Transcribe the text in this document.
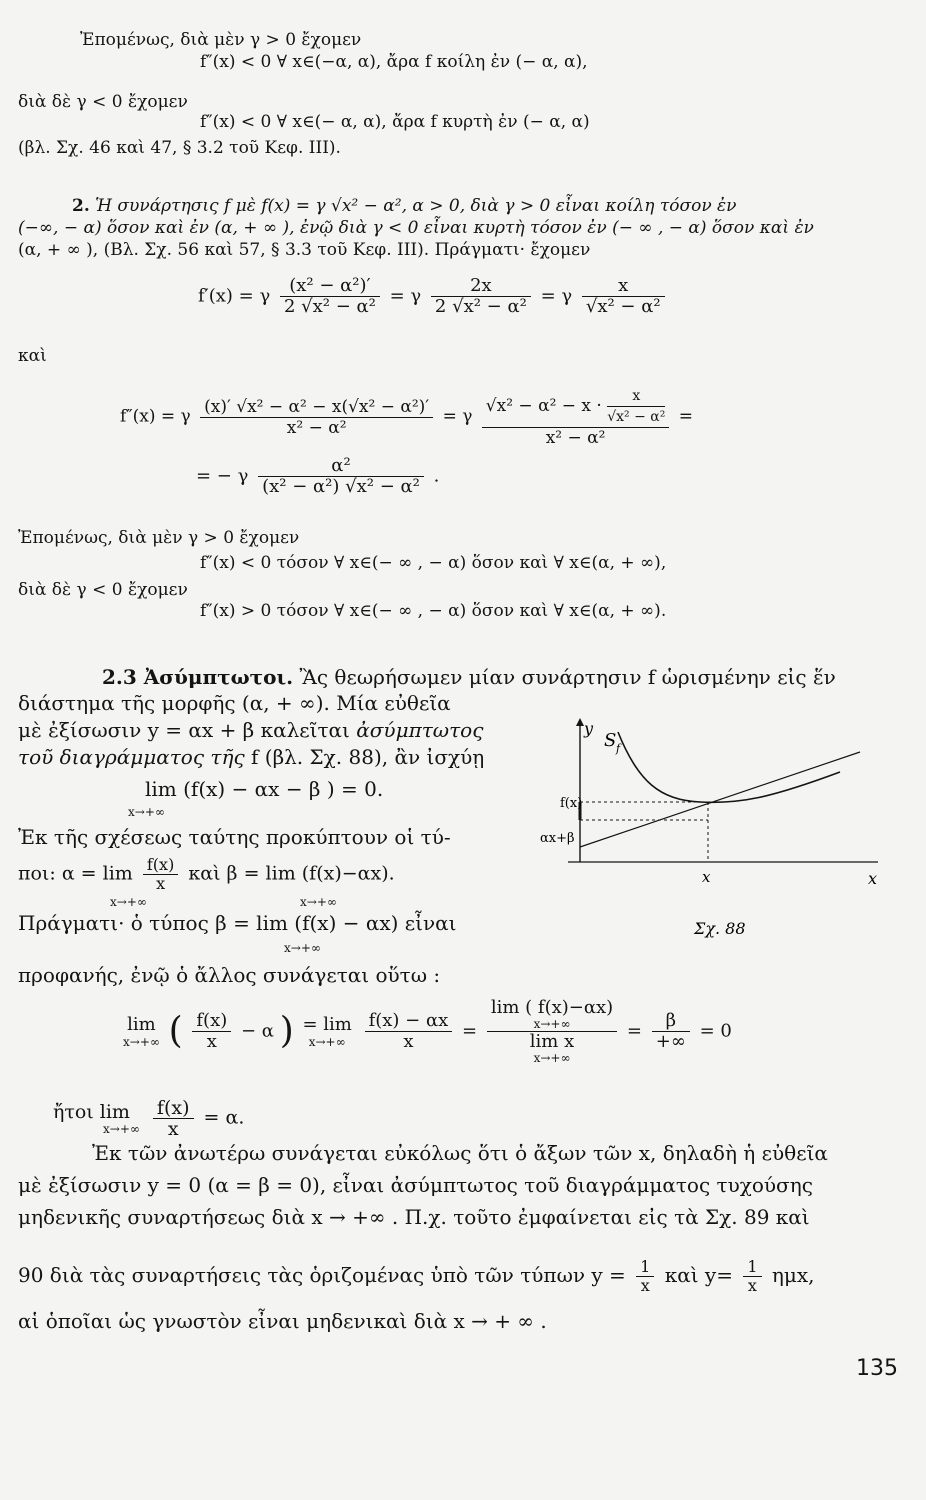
Ἐπομένως, διὰ μὲν γ > 0 ἔχομεν
f″(x) < 0 ∀ x∈(−α, α), ἄρα f κοίλη ἐν (− α, α),
διὰ δὲ γ < 0 ἔχομεν
f″(x) < 0 ∀ x∈(− α, α), ἄρα f κυρτὴ ἐν (− α, α)
(βλ. Σχ. 46 καὶ 47, § 3.2 τοῦ Κεφ. ΙΙΙ).
2. Ἡ συνάρτησις f μὲ f(x) = γ √x² − α², α > 0, διὰ γ > 0 εἶναι κοίλη τόσον ἐν
(−∞, − α) ὅσον καὶ ἐν (α, + ∞ ), ἐνῷ διὰ γ < 0 εἶναι κυρτὴ τόσον ἐν (− ∞ , − α) ὅσον καὶ ἐν
(α, + ∞ ), (Βλ. Σχ. 56 καὶ 57, § 3.3 τοῦ Κεφ. ΙΙΙ). Πράγματι· ἔχομεν
f′(x) = γ $\frac{\text{(x² − α²)′}}{\text{2 √x² − α²}} = \gamma \frac{2x}{\text{2 √x² − α²}} = \gamma \frac{x}{\text{√x² − α²}}$
καὶ
f″(x) = γ $\frac{\text{(x)′ √x² − α² − x(√x² − α²)′}}{\text{x² − α²}} = \gamma \frac{√x^2 - \alpha^2 - x \cdot \frac{x}{\text{√x² − α²}}}{\text{x² − α²}}$ =
= − γ $\frac{\text{α²}}{\text{(x² − α²) √x² − α²}}$ .
Ἐπομένως, διὰ μὲν γ > 0 ἔχομεν
f″(x) < 0 τόσον ∀ x∈(− ∞ , − α) ὅσον καὶ ∀ x∈(α, + ∞),
διὰ δὲ γ < 0 ἔχομεν
f″(x) > 0 τόσον ∀ x∈(− ∞ , − α) ὅσον καὶ ∀ x∈(α, + ∞).
2.3 Ἀσύμπτωτοι. Ἂς θεωρήσωμεν μίαν συνάρτησιν f ὡρισμένην εἰς ἕν
διάστημα τῆς μορφῆς (α, + ∞). Μία εὐθεῖα
μὲ ἐξίσωσιν y = αx + β καλεῖται ἀσύμπτωτος
τοῦ διαγράμματος τῆς f (βλ. Σχ. 88), ἂν ἰσχύῃ
lim (f(x) − αx − β ) = 0.
x→+∞
Ἐκ τῆς σχέσεως ταύτης προκύπτουν οἱ τύ-
ποι: $\alpha = \lim \frac{f(x)}{x}$ καὶ β = lim (f(x)−αx).
x→+∞	x→+∞
Πράγματι· ὁ τύπος β = lim (f(x) − αx) εἶναι
x→+∞
προφανής, ἐνῷ ὁ ἄλλος συνάγεται οὕτω :
y
S f
f(x)
αx+β
x	x
Σχ. 88
lim
x→+∞ ( $\frac{f(x)}{x} - \alpha$ ) = lim
x→+∞
	$\frac{f(x) - \alpha x}{x} = \lim$ ( f(x)−αx)
x→+∞
lim x
$x\to+\infty = \frac{\beta}{+\infty} = 0$
ἤτοι lim
x→+∞
$\frac{f(x)}{x} = \alpha$.
Ἐκ τῶν ἀνωτέρω συνάγεται εὐκόλως ὅτι ὁ ἄξων τῶν x, δηλαδὴ ἡ εὐθεῖα
μὲ ἐξίσωσιν y = 0 (α = β = 0), εἶναι ἀσύμπτωτος τοῦ διαγράμματος τυχούσης
μηδενικῆς συναρτήσεως διὰ x → +∞ . Π.χ. τοῦτο ἐμφαίνεται εἰς τὰ Σχ. 89 καὶ
90 διὰ τὰς συναρτήσεις τὰς ὁριζομένας ὑπὸ τῶν τύπων $y = \frac{1}{x}$ καὶ $y= \frac{1}{x} \eta\mu x$,
αἱ ὁποῖαι ὡς γνωστὸν εἶναι μηδενικαὶ διὰ x → + ∞ .
135
